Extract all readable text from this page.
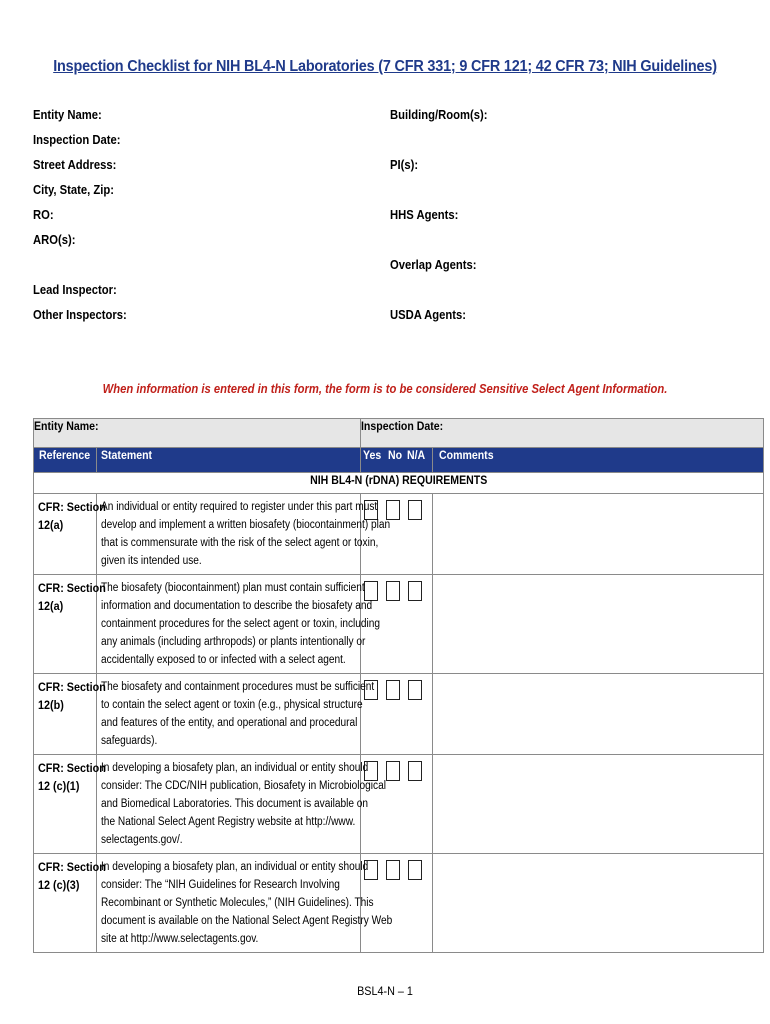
Inspection Checklist for NIH BL4-N Laboratories (7 CFR 331; 9 CFR 121; 42 CFR 73; NIH Guidelines)
Entity Name:
Inspection Date:
Street Address:
City, State, Zip:
RO:
ARO(s):
Lead Inspector:
Other Inspectors:
Building/Room(s):
PI(s):
HHS Agents:
Overlap Agents:
USDA Agents:
When information is entered in this form, the form is to be considered Sensitive Select Agent Information.
Entity Name:		Inspection Date:	
Reference	Statement	Yes No N/A	Comments
NIH BL4-N (rDNA) REQUIREMENTS			

CFR: Section
12(a)	An individual or entity required to register under this part must
develop and implement a written biosafety (biocontainment) plan
that is commensurate with the risk of the select agent or toxin,
given its intended use.		

CFR: Section
12(a)	The biosafety (biocontainment) plan must contain sufficient
information and documentation to describe the biosafety and
containment procedures for the select agent or toxin, including
any animals (including arthropods) or plants intentionally or
accidentally exposed to or infected with a select agent.		

CFR: Section
12(b)	The biosafety and containment procedures must be sufficient
to contain the select agent or toxin (e.g., physical structure
and features of the entity, and operational and procedural
safeguards).		

CFR: Section
12 (c)(1)	In developing a biosafety plan, an individual or entity should
consider: The CDC/NIH publication, Biosafety in Microbiological
and Biomedical Laboratories. This document is available on
the National Select Agent Registry website at http://www.
selectagents.gov/.		

CFR: Section
12 (c)(3)	In developing a biosafety plan, an individual or entity should
consider: The “NIH Guidelines for Research Involving
Recombinant or Synthetic Molecules,” (NIH Guidelines). This
document is available on the National Select Agent Registry Web
site at http://www.selectagents.gov.		

BSL4-N – 1
